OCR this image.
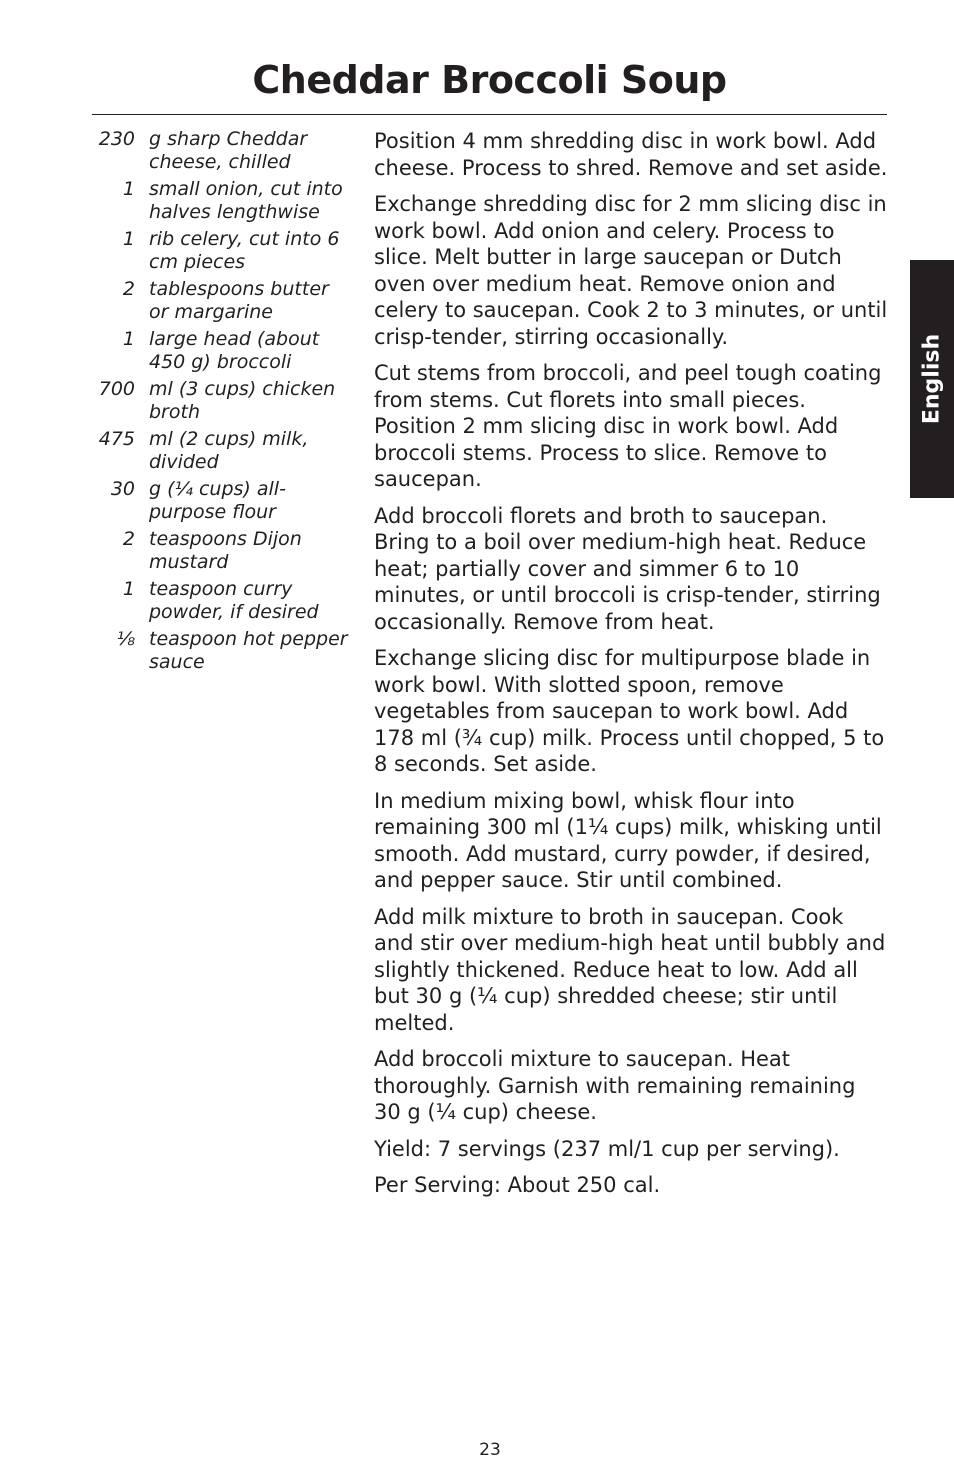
Cheddar Broccoli Soup
230 g sharp Cheddar cheese, chilled
1 small onion, cut into halves lengthwise
1 rib celery, cut into 6 cm pieces
2 tablespoons butter or margarine
1 large head (about 450 g) broccoli
700 ml (3 cups) chicken broth
475 ml (2 cups) milk, divided
30 g (¼ cups) all-purpose flour
2 teaspoons Dijon mustard
1 teaspoon curry powder, if desired
⅛ teaspoon hot pepper sauce

Position 4 mm shredding disc in work bowl. Add cheese. Process to shred. Remove and set aside.

Exchange shredding disc for 2 mm slicing disc in work bowl. Add onion and celery. Process to slice. Melt butter in large saucepan or Dutch oven over medium heat. Remove onion and celery to saucepan. Cook 2 to 3 minutes, or until crisp-tender, stirring occasionally.

Cut stems from broccoli, and peel tough coating from stems. Cut florets into small pieces. Position 2 mm slicing disc in work bowl. Add broccoli stems. Process to slice. Remove to saucepan.

Add broccoli florets and broth to saucepan. Bring to a boil over medium-high heat. Reduce heat; partially cover and simmer 6 to 10 minutes, or until broccoli is crisp-tender, stirring occasionally. Remove from heat.

Exchange slicing disc for multipurpose blade in work bowl. With slotted spoon, remove vegetables from saucepan to work bowl. Add 178 ml (¾ cup) milk. Process until chopped, 5 to 8 seconds. Set aside.

In medium mixing bowl, whisk flour into remaining 300 ml (1¼ cups) milk, whisking until smooth. Add mustard, curry powder, if desired, and pepper sauce. Stir until combined.

Add milk mixture to broth in saucepan. Cook and stir over medium-high heat until bubbly and slightly thickened. Reduce heat to low. Add all but 30 g (¼ cup) shredded cheese; stir until melted.

Add broccoli mixture to saucepan. Heat thoroughly. Garnish with remaining remaining 30 g (¼ cup) cheese.

Yield: 7 servings (237 ml/1 cup per serving).

Per Serving: About 250 cal.

English
23
